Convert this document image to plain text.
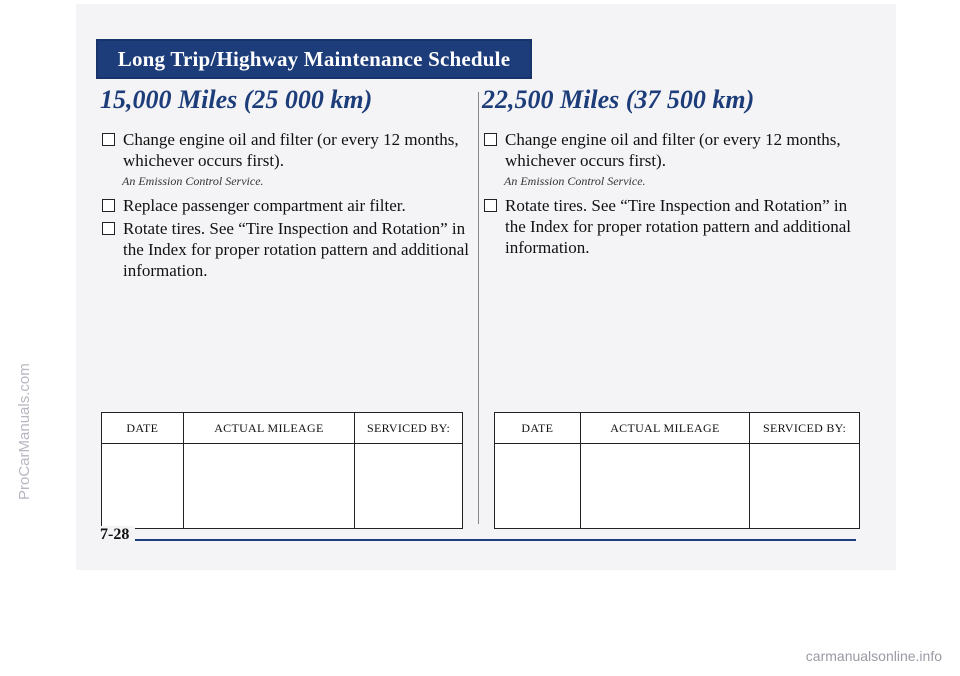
Long Trip/Highway Maintenance Schedule
15,000 Miles (25 000 km)
Change engine oil and filter (or every 12 months, whichever occurs first).
An Emission Control Service.
Replace passenger compartment air filter.
Rotate tires. See “Tire Inspection and Rotation” in the Index for proper rotation pattern and additional information.
22,500 Miles (37 500 km)
Change engine oil and filter (or every 12 months, whichever occurs first).
An Emission Control Service.
Rotate tires. See “Tire Inspection and Rotation” in the Index for proper rotation pattern and additional information.
DATE	ACTUAL MILEAGE	SERVICED BY:
			DATE	ACTUAL MILEAGE	SERVICED BY:

7-28
ProCarManuals.com
carmanualsonline.info
